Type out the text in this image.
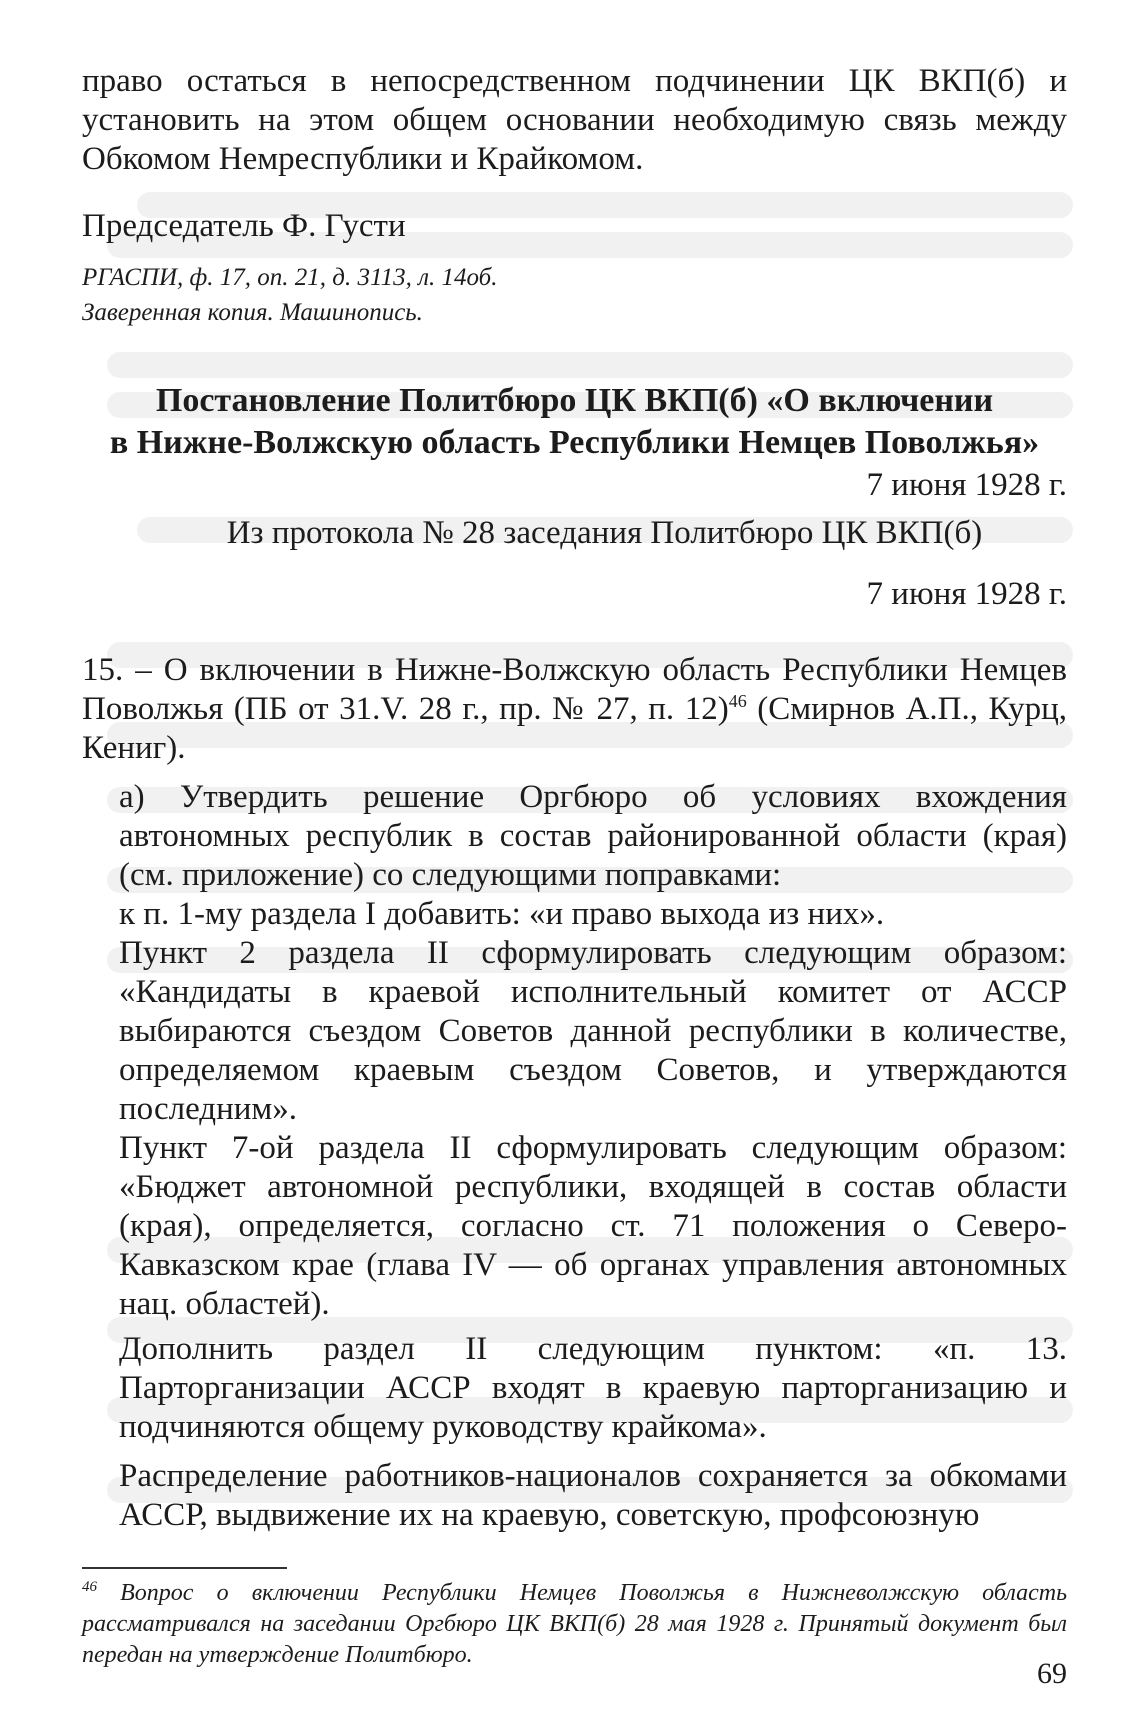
право остаться в непосредственном подчинении ЦК ВКП(б) и установить на этом общем основании необходимую связь между Обкомом Немреспублики и Крайкомом.

Председатель Ф. Густи

РГАСПИ, ф. 17, оп. 21, д. 3113, л. 14об.
Заверенная копия. Машинопись.
Постановление Политбюро ЦК ВКП(б) «О включении
в Нижне-Волжскую область Республики Немцев Поволжья»

7 июня 1928 г.

Из протокола № 28 заседания Политбюро ЦК ВКП(б)

7 июня 1928 г.

15. – О включении в Нижне-Волжскую область Республики Немцев Поволжья (ПБ от 31.V. 28 г., пр. № 27, п. 12)$^{46}$ (Смирнов А.П., Курц, Кениг).

а) Утвердить решение Оргбюро об условиях вхождения автономных республик в состав районированной области (края) (см. приложение) со следующими поправками:

к п. 1-му раздела I добавить: «и право выхода из них».

Пункт 2 раздела II сформулировать следующим образом: «Кандидаты в краевой исполнительный комитет от АССР выбираются съездом Советов данной республики в количестве, определяемом краевым съездом Советов, и утверждаются последним».

Пункт 7-ой раздела II сформулировать следующим образом: «Бюджет автономной республики, входящей в состав области (края), определяется, согласно ст. 71 положения о Северо-Кавказском крае (глава IV — об органах управления автономных нац. областей).

Дополнить раздел II следующим пунктом: «п. 13. Парторганизации АССР входят в краевую парторганизацию и подчиняются общему руководству крайкома».

Распределение работников-националов сохраняется за обкомами АССР, выдвижение их на краевую, советскую, профсоюзную

$^{46}$ Вопрос о включении Республики Немцев Поволжья в Нижневолжскую область рассматривался на заседании Оргбюро ЦК ВКП(б) 28 мая 1928 г. Принятый документ был передан на утверждение Политбюро.
69
